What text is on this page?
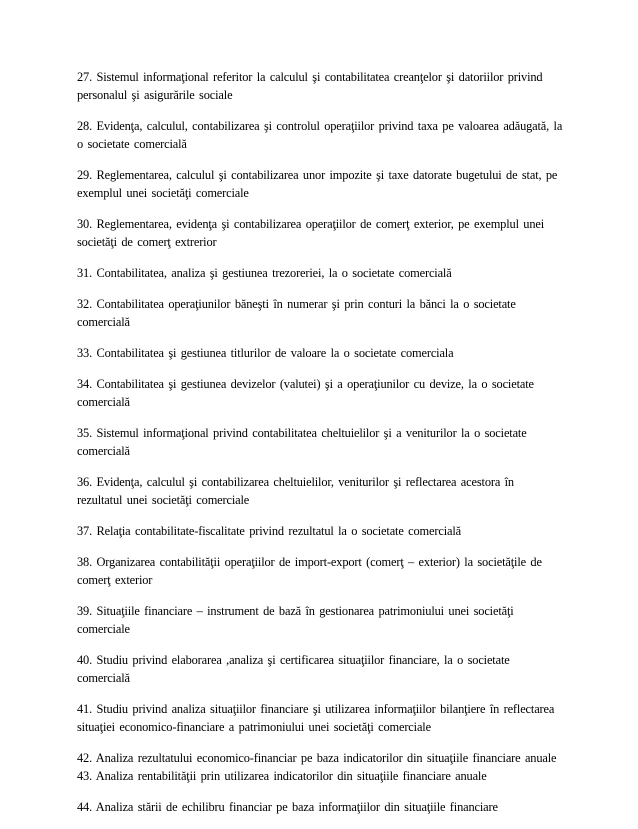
27. Sistemul informaţional referitor la calculul şi contabilitatea creanţelor şi datoriilor privind personalul şi asigurările sociale

28. Evidenţa, calculul, contabilizarea şi controlul operaţiilor privind taxa pe valoarea adăugată, la o societate comercială

29. Reglementarea, calculul şi contabilizarea unor impozite şi taxe datorate bugetului de stat, pe exemplul unei societăţi comerciale

30. Reglementarea, evidenţa şi contabilizarea operaţiilor de comerţ exterior, pe exemplul unei societăţi de comerţ extrerior

31. Contabilitatea, analiza şi gestiunea trezoreriei, la o societate comercială

32. Contabilitatea operaţiunilor băneşti în numerar şi prin conturi la bănci la o societate comercială

33. Contabilitatea şi gestiunea titlurilor de valoare la o societate comerciala

34. Contabilitatea şi gestiunea devizelor (valutei) şi a operaţiunilor cu devize, la o societate comercială

35. Sistemul informaţional privind contabilitatea cheltuielilor şi a veniturilor la o societate comercială

36. Evidenţa, calculul şi contabilizarea cheltuielilor, veniturilor şi reflectarea acestora în rezultatul unei societăţi comerciale

37. Relaţia contabilitate-fiscalitate privind rezultatul la o societate comercială

38. Organizarea contabilităţii operaţiilor de import-export (comerţ – exterior) la societăţile de comerţ exterior

39. Situaţiile financiare – instrument de bază în gestionarea patrimoniului unei societăţi comerciale

40. Studiu privind elaborarea ,analiza şi certificarea situaţiilor financiare, la o societate comercială

41. Studiu privind analiza situaţiilor financiare şi utilizarea informaţiilor bilanţiere în reflectarea situaţiei economico-financiare a patrimoniului unei societăţi comerciale

42. Analiza rezultatului economico-financiar pe baza indicatorilor din situaţiile financiare anuale

43. Analiza rentabilităţii prin utilizarea indicatorilor din situaţiile financiare anuale

44. Analiza stării de echilibru financiar pe baza informaţiilor din situaţiile financiare
